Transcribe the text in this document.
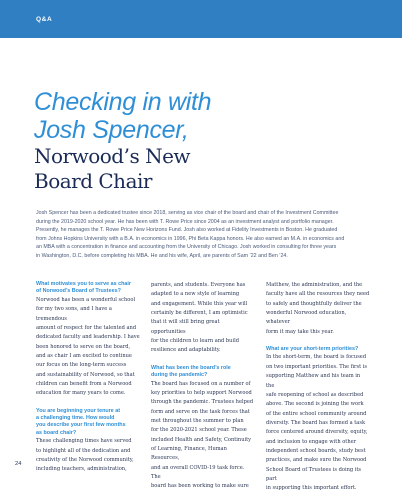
Q&A
Checking in with
Josh Spencer,
Norwood’s New
Board Chair
Josh Spencer has been a dedicated trustee since 2018, serving as vice chair of the board and chair of the Investment Committee
during the 2019-2020 school year. He has been with T. Rowe Price since 2004 as an investment analyst and portfolio manager.
Presently, he manages the T. Rowe Price New Horizons Fund. Josh also worked at Fidelity Investments in Boston. He graduated
from Johns Hopkins University with a B.A. in economics in 1996, Phi Beta Kappa honors. He also earned an M.A. in economics and
an MBA with a concentration in finance and accounting from the University of Chicago. Josh worked in consulting for three years
in Washington, D.C. before completing his MBA. He and his wife, April, are parents of Sam ’22 and Ben ’24.

What motivates you to serve as chair

of Norwood’s Board of Trustees?

Norwood has been a wonderful school

for my two sons, and I have a tremendous

amount of respect for the talented and

dedicated faculty and leadership. I have

been honored to serve on the board,

and as chair I am excited to continue

our focus on the long-term success

and sustainability of Norwood, so that

children can benefit from a Norwood

education for many years to come.

You are beginning your tenure at

a challenging time. How would

you describe your first few months

as board chair?

These challenging times have served

to highlight all of the dedication and

creativity of the Norwood community,

including teachers, administration,

parents, and students. Everyone has

adapted to a new style of learning

and engagement. While this year will

certainly be different, I am optimistic

that it will still bring great opportunities

for the children to learn and build

resilience and adaptability.

What has been the board’s role

during the pandemic?

The board has focused on a number of

key priorities to help support Norwood

through the pandemic. Trustees helped

form and serve on the task forces that

met throughout the summer to plan

for the 2020-2021 school year. These

included Health and Safety, Continuity

of Learning, Finance, Human Resources,

and an overall COVID-19 task force. The

board has been working to make sure

Matthew, the administration, and the

faculty have all the resources they need

to safely and thoughtfully deliver the

wonderful Norwood education, whatever

form it may take this year.

What are your short-term priorities?

In the short-term, the board is focused

on two important priorities. The first is

supporting Matthew and his team in the

safe reopening of school as described

above. The second is joining the work

of the entire school community around

diversity. The board has formed a task

force centered around diversity, equity,

and inclusion to engage with other

independent school boards, study best

practices, and make sure the Norwood

School Board of Trustees is doing its part

in supporting this important effort.

24
